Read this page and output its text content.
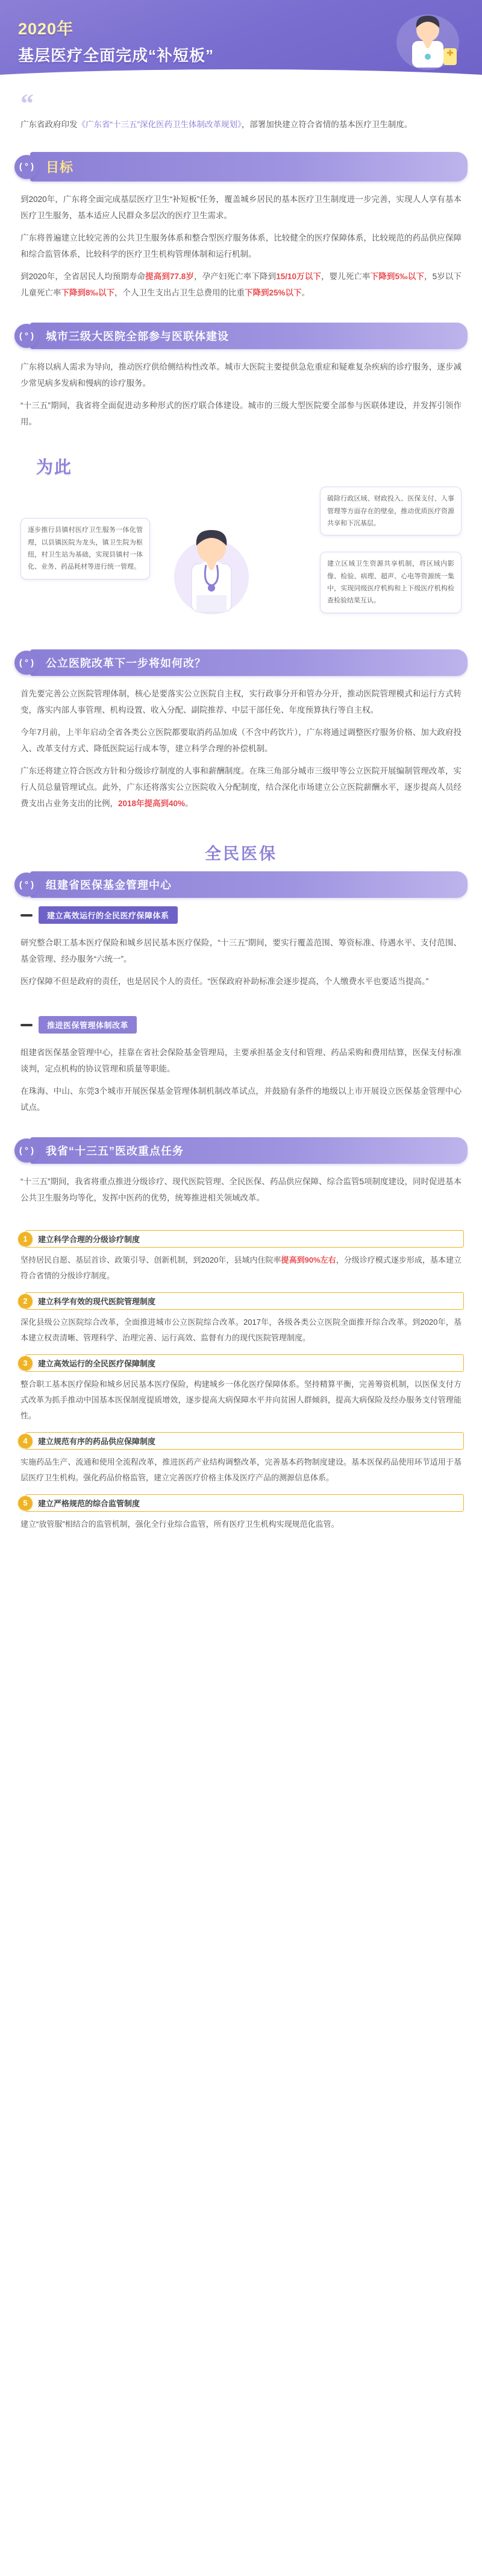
2020年
基层医疗全面完成“补短板”
“

广东省政府印发《广东省“十三五”深化医药卫生体制改革规划》，部署加快建立符合省情的基本医疗卫生制度。

( ° ) 目标

到2020年，广东将全面完成基层医疗卫生“补短板”任务，覆盖城乡居民的基本医疗卫生制度进一步完善，实现人人享有基本医疗卫生服务，基本适应人民群众多层次的医疗卫生需求。

广东将普遍建立比较完善的公共卫生服务体系和整合型医疗服务体系，比较健全的医疗保障体系，比较规范的药品供应保障和综合监管体系，比较科学的医疗卫生机构管理体制和运行机制。

到2020年，全省居民人均预期寿命提高到77.8岁，孕产妇死亡率下降到15/10万以下，婴儿死亡率下降到5‰以下，5岁以下儿童死亡率下降到8‰以下，个人卫生支出占卫生总费用的比重下降到25%以下。

( ° )	城市三级大医院全部参与医联体建设

广东将以病人需求为导向，推动医疗供给侧结构性改革。城市大医院主要提供急危重症和疑难复杂疾病的诊疗服务，逐步减少常见病多发病和慢病的诊疗服务。

“十三五”期间，我省将全面促进动多种形式的医疗联合体建设。城市的三级大型医院要全部参与医联体建设，并发挥引领作用。

为此
逐步推行县镇村医疗卫生服务一体化管理，以县镇医院为龙头，镇卫生院为枢纽，村卫生站为基础，实现县镇村一体化、业务、药品耗材等进行统一管理。
破除行政区域、财政投入、医保支付、人事管理等方面存在的壁垒，推动优质医疗资源共享和下沉基层。
建立区域卫生资源共享机制，将区域内影像、检验、病理、超声、心电等资源统一集中，实现同级医疗机构和上下级医疗机构检查检验结果互认。
( ° )	公立医院改革下一步将如何改？

首先要完善公立医院管理体制，核心是要落实公立医院自主权，实行政事分开和管办分开，推动医院管理模式和运行方式转变，落实内部人事管理、机构设置、收入分配、副院推荐、中层干部任免、年度预算执行等自主权。

今年7月前，上半年启动全省各类公立医院都要取消药品加成（不含中药饮片），广东将通过调整医疗服务价格、加大政府投入、改革支付方式、降低医院运行成本等，建立科学合理的补偿机制。

广东还将建立符合医改方针和分级诊疗制度的人事和薪酬制度。在珠三角部分城市三级甲等公立医院开展编制管理改革，实行人员总量管理试点。此外，广东还将落实公立医院收入分配制度，结合深化市场建立公立医院薪酬水平，逐步提高人员经费支出占业务支出的比例，2018年提高到40%。

全民医保
( ° )	组建省医保基金管理中心
建立高效运行的全民医疗保障体系

研究整合职工基本医疗保险和城乡居民基本医疗保险，“十三五”期间，要实行覆盖范围、筹资标准、待遇水平、支付范围、基金管理、经办服务“六统一”。

医疗保障不但是政府的责任，也是居民个人的责任。“医保政府补助标准会逐步提高，个人缴费水平也要适当提高。”

推进医保管理体制改革

组建省医保基金管理中心，挂靠在省社会保险基金管理局，主要承担基金支付和管理、药品采购和费用结算，医保支付标准谈判，定点机构的协议管理和质量等职能。

在珠海、中山、东莞3个城市开展医保基金管理体制机制改革试点，并鼓励有条件的地级以上市开展设立医保基金管理中心试点。

( ° )	我省“十三五”医改重点任务

“十三五”期间，我省将重点推进分级诊疗、现代医院管理、全民医保、药品供应保障、综合监管5项制度建设，同时促进基本公共卫生服务均等化，发挥中医药的优势，统筹推进相关领域改革。

1	建立科学合理的分级诊疗制度

坚持居民自愿、基层首诊、政策引导、创新机制，到2020年，县域内住院率提高到90%左右，分级诊疗模式逐步形成，基本建立符合省情的分级诊疗制度。

2	建立科学有效的现代医院管理制度

深化县级公立医院综合改革，全面推进城市公立医院综合改革。2017年，各级各类公立医院全面推开综合改革。到2020年，基本建立权责清晰、管理科学、治理完善、运行高效、监督有力的现代医院管理制度。

3	建立高效运行的全民医疗保障制度

整合职工基本医疗保险和城乡居民基本医疗保险，构建城乡一体化医疗保障体系。坚持精算平衡，完善筹资机制，以医保支付方式改革为抓手推动中国基本医保制度提质增效，逐步提高大病保障水平并向贫困人群倾斜，提高大病保险及经办服务支付管理能性。

4	建立规范有序的药品供应保障制度

实施药品生产、流通和使用全流程改革，推进医药产业结构调整改革，完善基本药物制度建设。基本医保药品使用环节适用于基层医疗卫生机构。强化药品价格监管，建立完善医疗价格主体及医疗产品的测源信息体系。

5	建立严格规范的综合监管制度

建立“放管服”相结合的监管机制，强化全行业综合监管，所有医疗卫生机构实现规范化监管。
